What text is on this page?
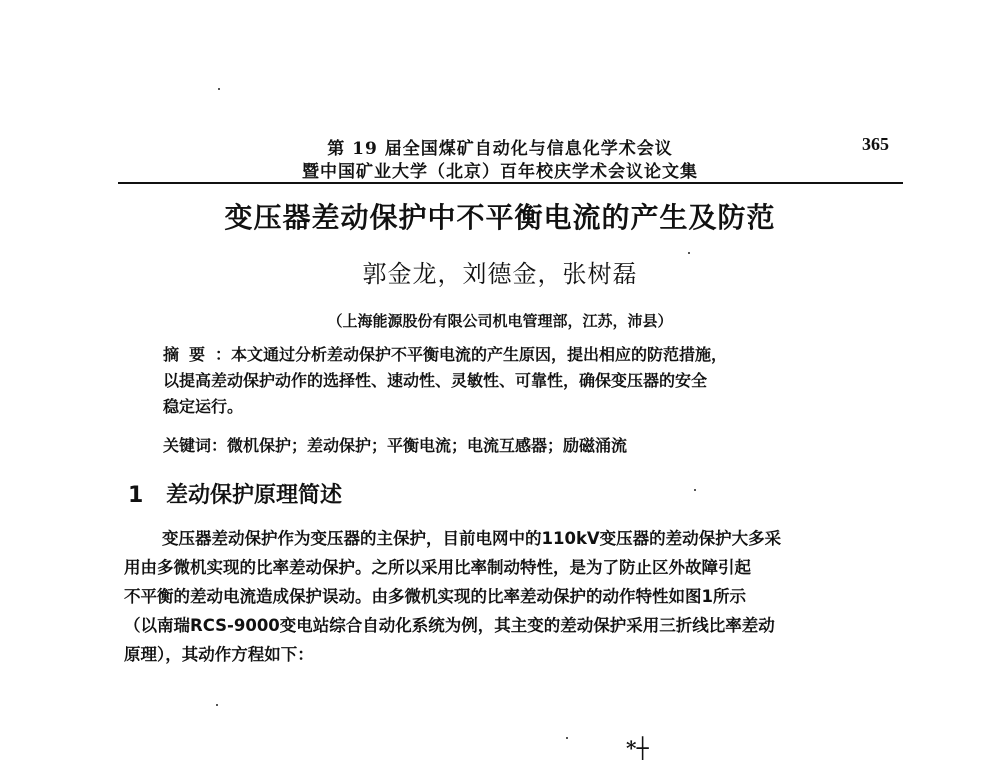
第 19 届全国煤矿自动化与信息化学术会议
暨中国矿业大学（北京）百年校庆学术会议论文集
365
变压器差动保护中不平衡电流的产生及防范
郭金龙，刘德金，张树磊
（上海能源股份有限公司机电管理部，江苏，沛县）
摘要：本文通过分析差动保护不平衡电流的产生原因，提出相应的防范措施，
以提高差动保护动作的选择性、速动性、灵敏性、可靠性，确保变压器的安全
稳定运行。
关键词：微机保护；差动保护；平衡电流；电流互感器；励磁涌流
1 差动保护原理简述
变压器差动保护作为变压器的主保护，目前电网中的110kV变压器的差动保护大多采
用由多微机实现的比率差动保护。之所以采用比率制动特性，是为了防止区外故障引起
不平衡的差动电流造成保护误动。由多微机实现的比率差动保护的动作特性如图1所示
（以南瑞RCS-9000变电站综合自动化系统为例，其主变的差动保护采用三折线比率差动
原理），其动作方程如下：
*┼
